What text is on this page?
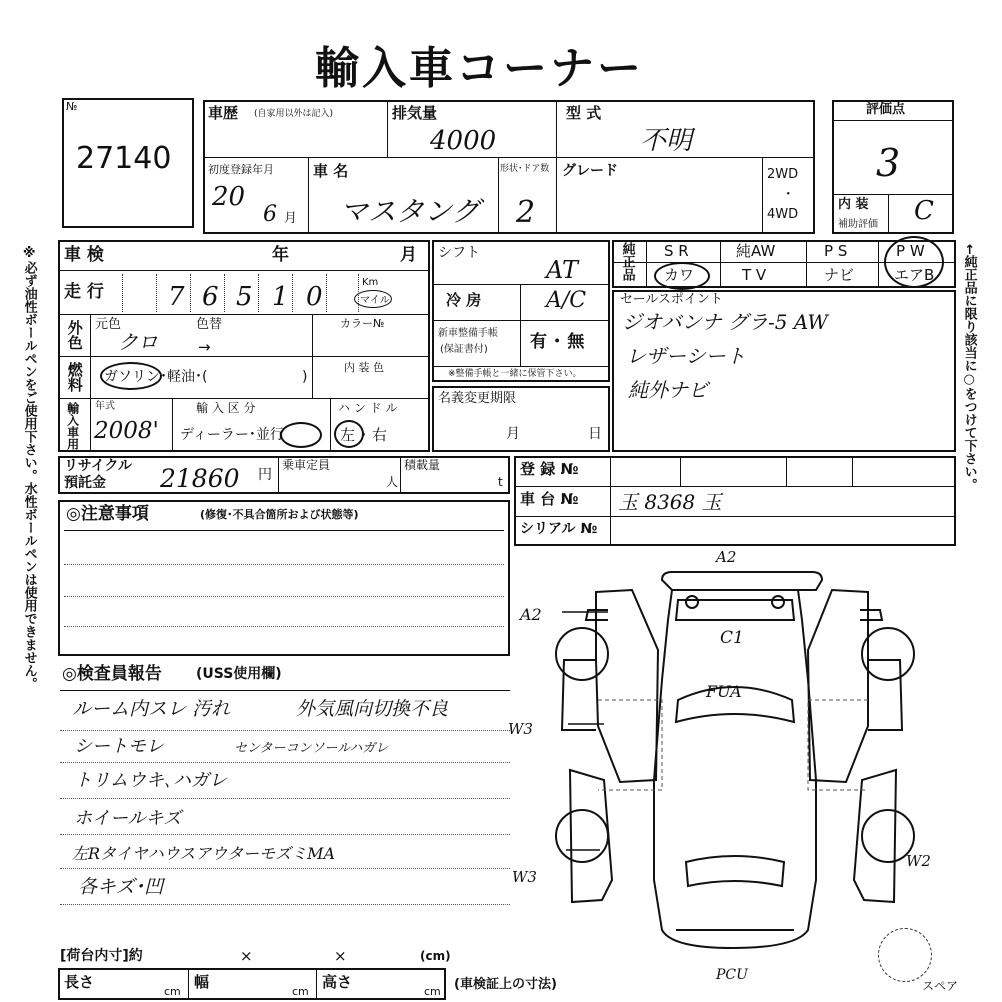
輸入車コーナー
№
27140
車歴 (自家用以外は記入)	排気量
4000
型 式
不明
初度登録年月
20
6 月
車 名
マスタング
形状･ドア数
2
グレード	2WD
･
4WD
評価点
3
内 装
補助評価 C
※必ず油性ボールペンをご使用下さい。水性ボールペンは使用できません。 車 検	年	月
走 行 7 6 5 1 0	Km
マイル
外色 元色	色替
クロ	→
カラー№
燃料 ガソリン･軽油･(	)
内 装 色
輸入車用 年式
2008'
輸 入 区 分
ディーラー･並行
ハ ン ド ル
左 ･ 右
シフト
AT
冷 房	A/C
新車整備手帳
(保証書付) 有 ･ 無
※整備手帳と一緒に保管下さい。
名義変更期限
月	日
純正品 S R	純AW	P S	P W
カワ	T V	ナビ	エアB
セールスポイント
ジオバンナ グラ-5 AW
レザーシート
純外ナビ	←純正品に限り該当に○をつけて下さい。
リサイクル
預託金 21860 円
乗車定員
人
積載量
t
登 録 №
車 台 № 玉 8368 玉
シリアル №
◎注意事項	(修復･不具合箇所および状態等)
◎検査員報告 (USS使用欄)
ルーム内スレ 汚れ	外気風向切換不良
シートモレ	センターコンソールハガレ
トリムウキ､ハガレ
ホイールキズ
左RタイヤハウスアウターモズミMA
各キズ･凹
A2
A2
C1
FUA
W3
W3
W2
PCU
スペア
[荷台内寸]約	×	×	(cm)
長さ
cm
幅
cm
高さ
cm (車検証上の寸法)
